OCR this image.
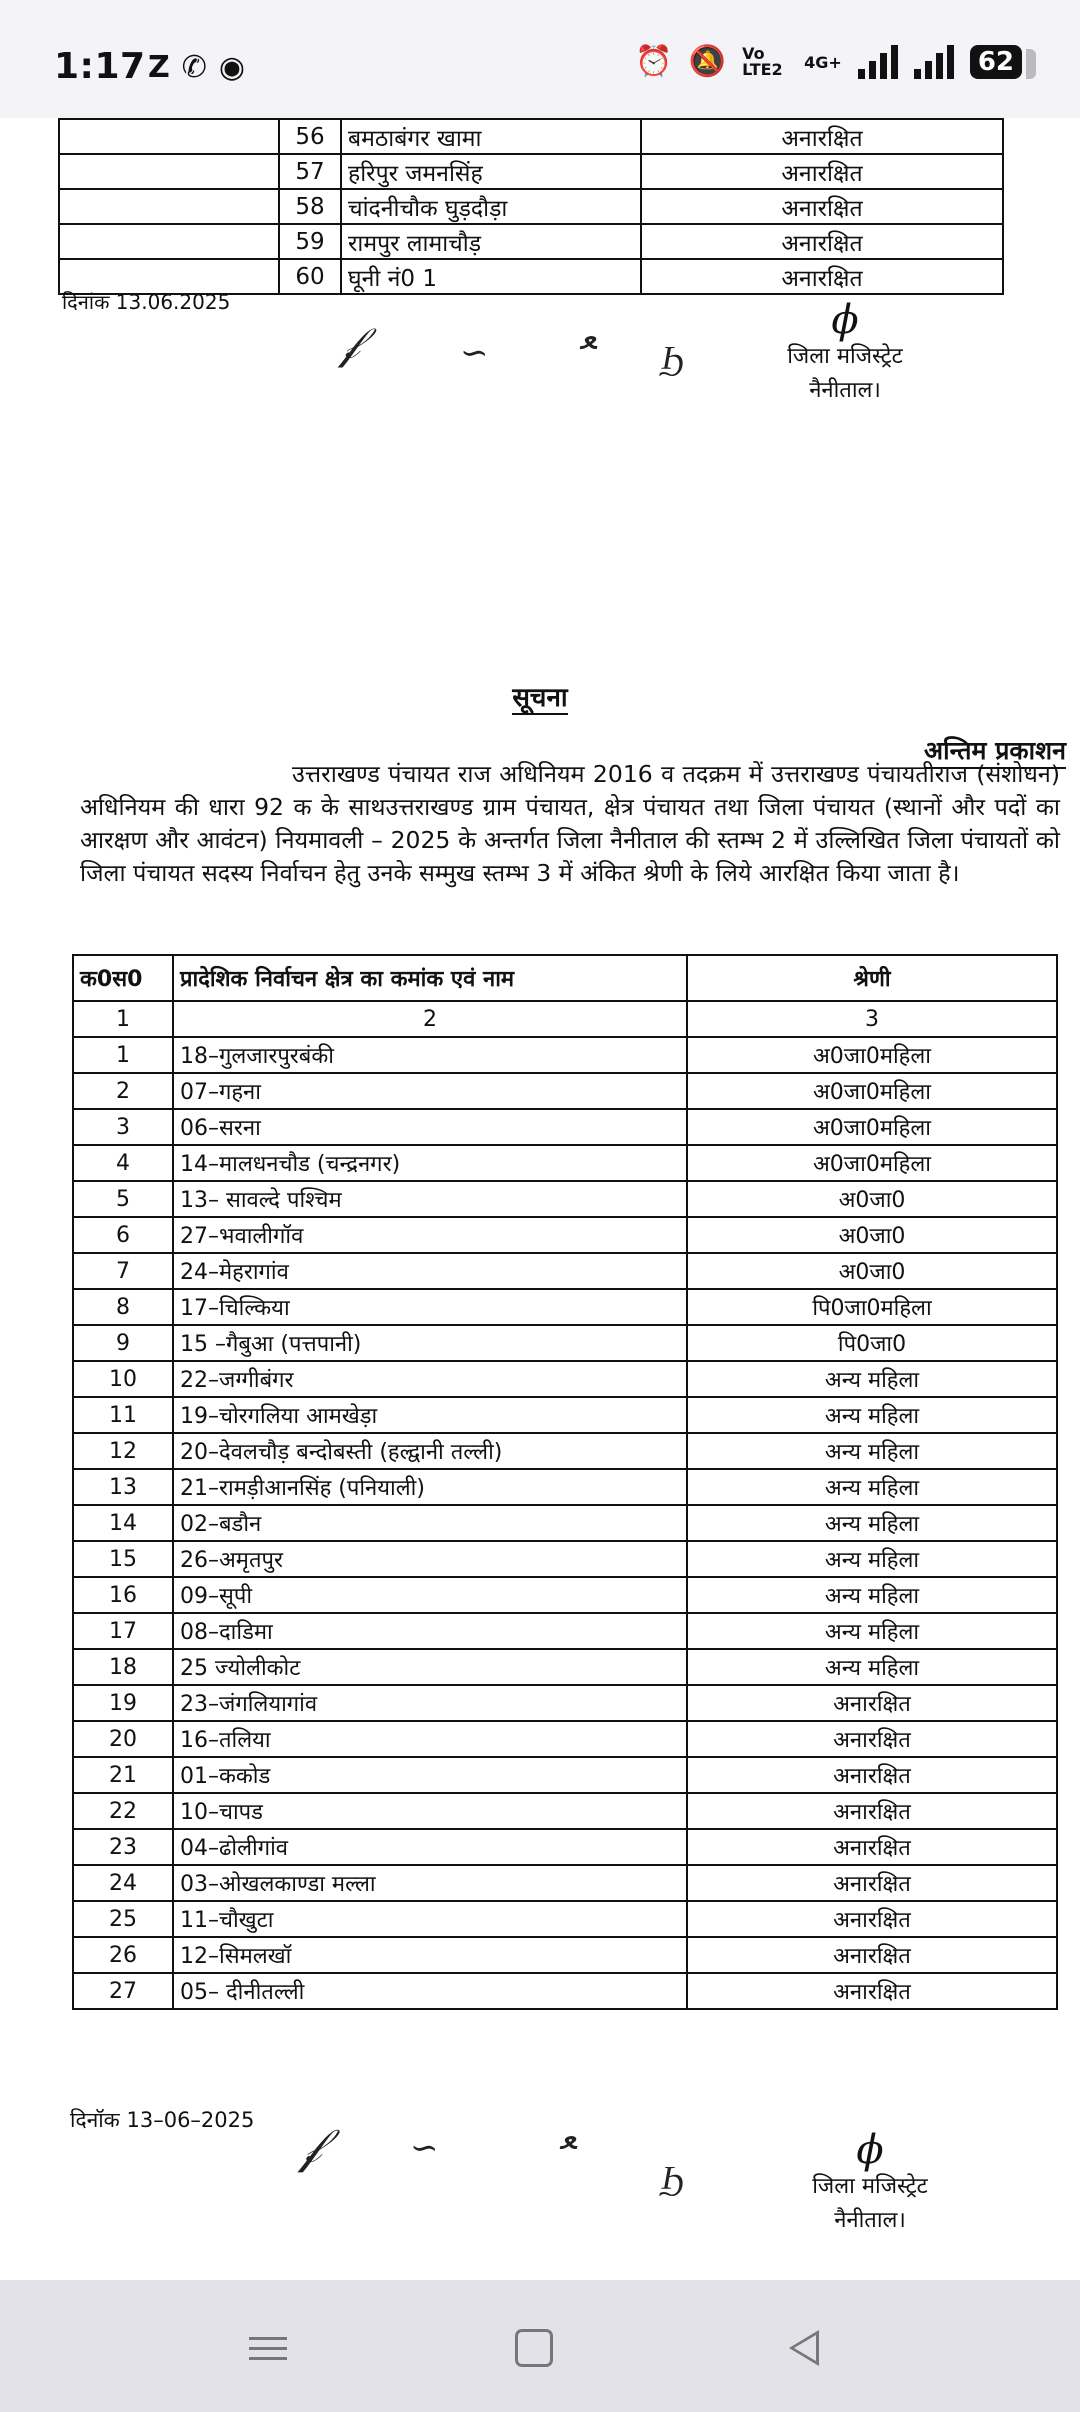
1:17 Z ✆ ◉	⏰ 🔕 Vo LTE2	4G+	62
	56	बमठाबंगर खामा	अनारक्षित
	57	हरिपुर जमनसिंह	अनारक्षित
	58	चांदनीचौक घुड़दौड़ा	अनारक्षित
	59	रामपुर लामाचौड़	अनारक्षित
	60	घूनी नं0 1	अनारक्षित
दिनांक 13.06.2025
𝒻	∽	ﻌ Ϧ
ϕ
जिला मजिस्ट्रेट
नैनीताल।
सूचना
अन्तिम प्रकाशन
उत्तराखण्ड पंचायत राज अधिनियम 2016 व तदक्रम में उत्तराखण्ड पंचायतीराज (संशोधन) अधिनियम की धारा 92 क के साथउत्तराखण्ड ग्राम पंचायत, क्षेत्र पंचायत तथा जिला पंचायत (स्थानों और पदों का आरक्षण और आवंटन) नियमावली – 2025 के अन्तर्गत जिला नैनीताल की स्तम्भ 2 में उल्लिखित जिला पंचायतों को जिला पंचायत सदस्य निर्वाचन हेतु उनके सम्मुख स्तम्भ 3 में अंकित श्रेणी के लिये आरक्षित किया जाता है।
क0स0	प्रादेशिक निर्वाचन क्षेत्र का कमांक एवं नाम	श्रेणी
1	2	3
1	18–गुलजारपुरबंकी	अ0जा0महिला
2	07–गहना	अ0जा0महिला
3	06–सरना	अ0जा0महिला
4	14–मालधनचौड (चन्द्रनगर)	अ0जा0महिला
5	13– सावल्दे पश्चिम	अ0जा0
6	27–भवालीगॉव	अ0जा0
7	24–मेहरागांव	अ0जा0
8	17–चिल्किया	पि0जा0महिला
9	15 –गैबुआ (पत्तपानी)	पि0जा0
10	22–जग्गीबंगर	अन्य महिला
11	19–चोरगलिया आमखेड़ा	अन्य महिला
12	20–देवलचौड़ बन्दोबस्ती (हल्द्वानी तल्ली)	अन्य महिला
13	21–रामड़ीआनसिंह (पनियाली)	अन्य महिला
14	02–बडौन	अन्य महिला
15	26–अमृतपुर	अन्य महिला
16	09–सूपी	अन्य महिला
17	08–दाडिमा	अन्य महिला
18	25 ज्योलीकोट	अन्य महिला
19	23–जंगलियागांव	अनारक्षित
20	16–तलिया	अनारक्षित
21	01–ककोड	अनारक्षित
22	10–चापड	अनारक्षित
23	04–ढोलीगांव	अनारक्षित
24	03–ओखलकाण्डा मल्ला	अनारक्षित
25	11–चौखुटा	अनारक्षित
26	12–सिमलखॉ	अनारक्षित
27	05– दीनीतल्ली	अनारक्षित
दिनॉक 13–06–2025 𝒻	∽	ﻌ
Ϧ
ϕ
जिला मजिस्ट्रेट
नैनीताल।
